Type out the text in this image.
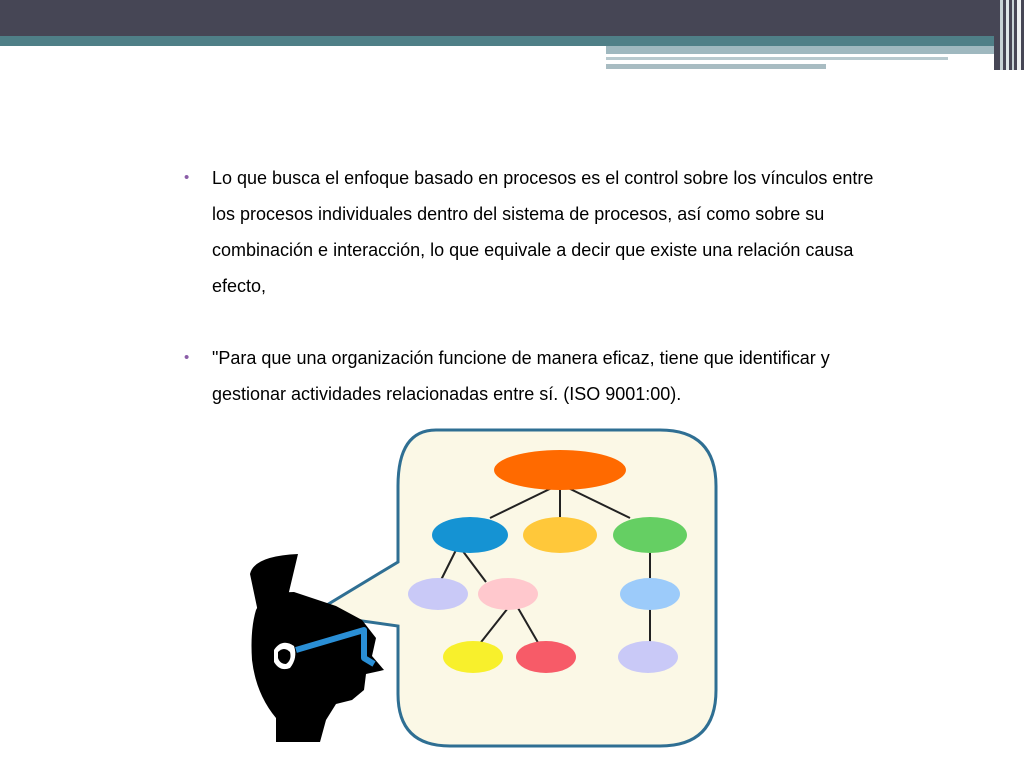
• Lo que busca el enfoque basado en procesos es el control sobre los vínculos entre los procesos individuales dentro del sistema de procesos, así como sobre su combinación e interacción, lo que equivale a decir que existe una relación causa efecto,
• "Para que una organización funcione de manera eficaz, tiene que identificar y gestionar actividades relacionadas entre sí. (ISO 9001:00).
